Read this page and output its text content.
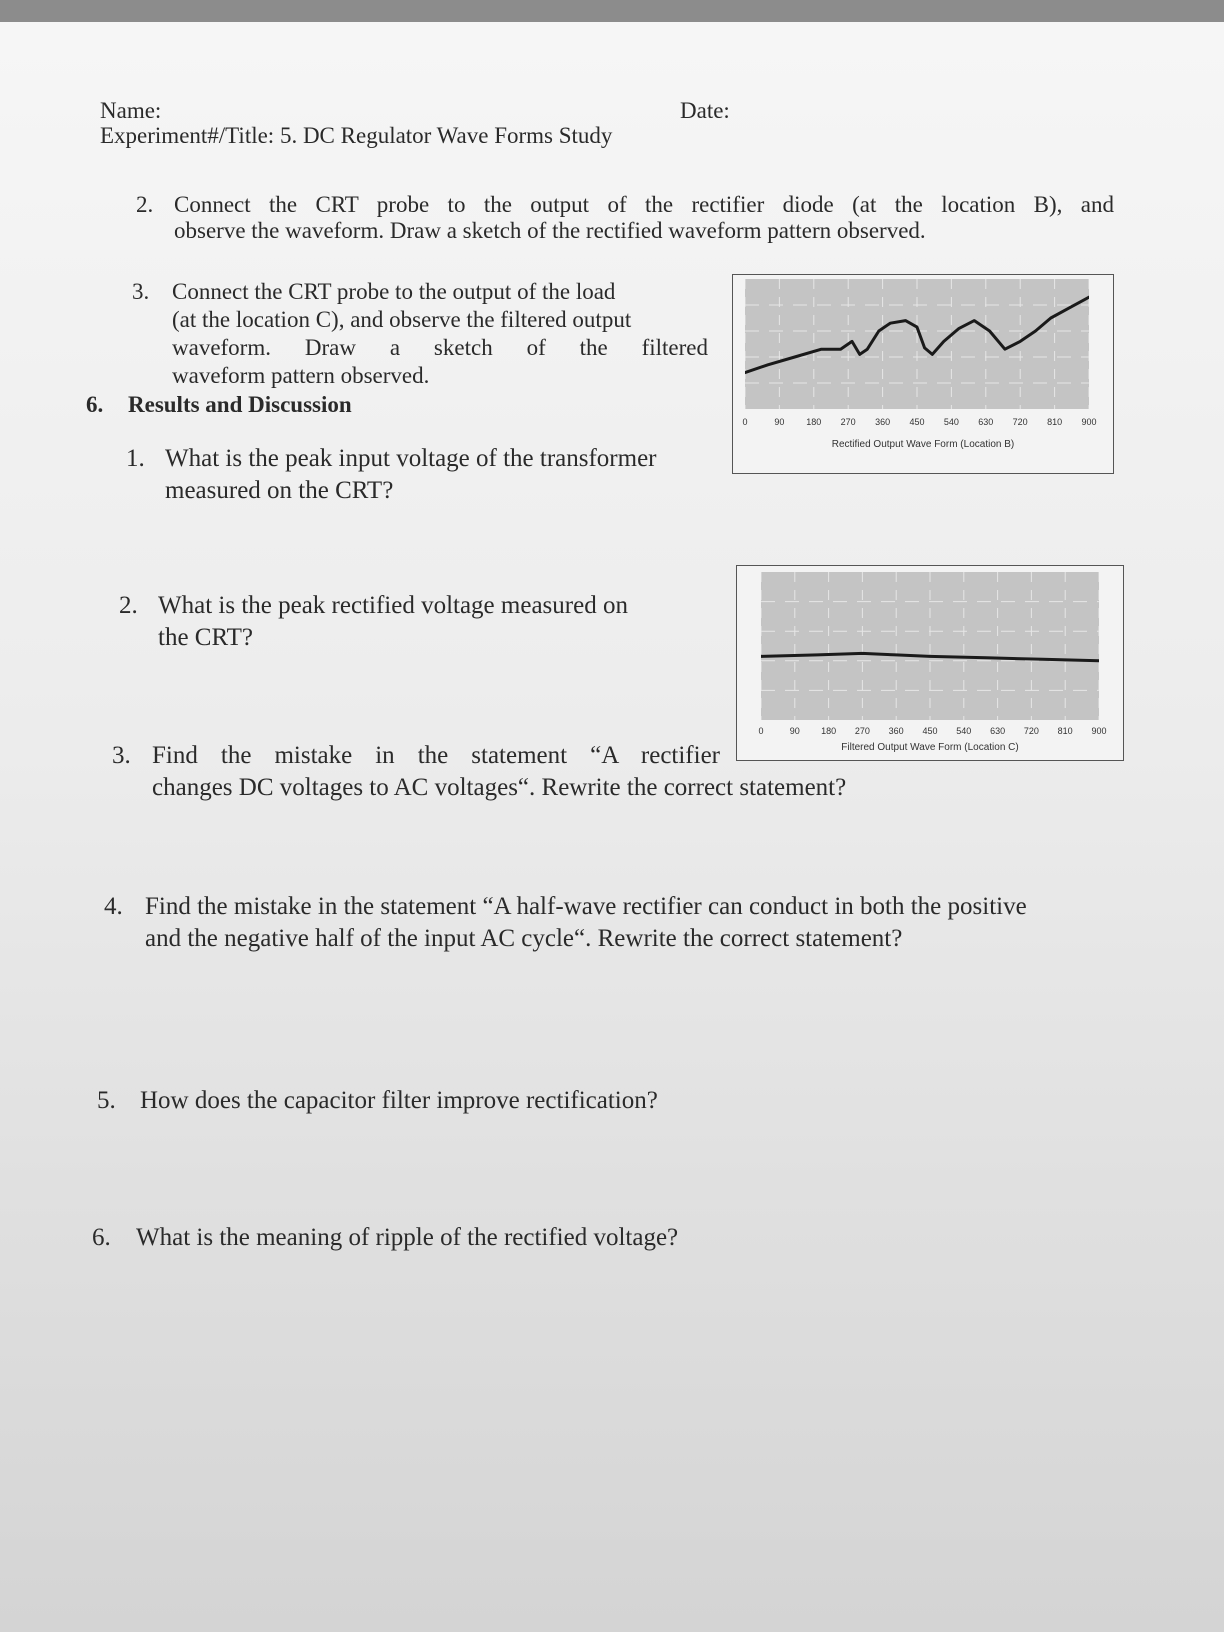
Name:	Date:
Experiment#/Title: 5. DC Regulator Wave Forms Study
2. Connect the CRT probe to the output of the rectifier diode (at the location B), and
observe the waveform. Draw a sketch of the rectified waveform pattern observed.
3. Connect the CRT probe to the output of the load
(at the location C), and observe the filtered output
waveform. Draw a sketch of the filtered
waveform pattern observed.
6. Results and Discussion
1. What is the peak input voltage of the transformer
measured on the CRT?
2. What is the peak rectified voltage measured on
the CRT?
3. Find the mistake in the statement “A rectifier
changes DC voltages to AC voltages“. Rewrite the correct statement?
4. Find the mistake in the statement “A half-wave rectifier can conduct in both the positive
and the negative half of the input AC cycle“. Rewrite the correct statement?
5. How does the capacitor filter improve rectification?
6. What is the meaning of ripple of the rectified voltage?
0	90 180 270 360 450 540 630 720 810 900
Rectified Output Wave Form (Location B)
0	90 180 270 360 450 540 630 720 810 900
Filtered Output Wave Form (Location C)
